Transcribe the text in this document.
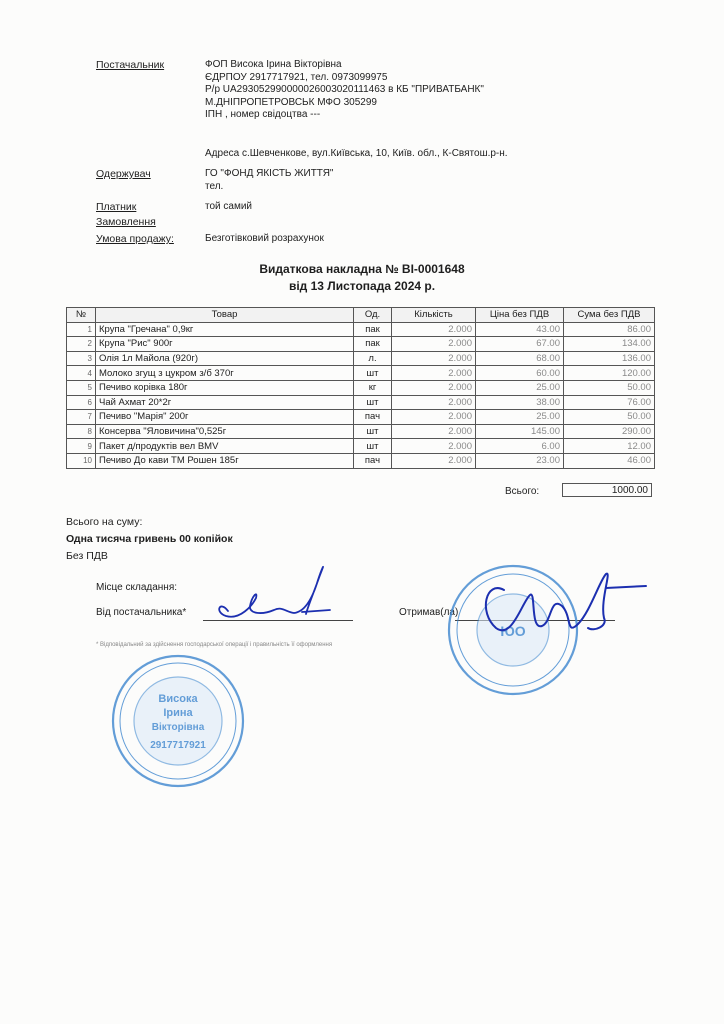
Постачальник	ФОП Висока Ірина Вікторівна
ЄДРПОУ 2917717921, тел. 0973099975
Р/р UA293052990000026003020111463 в КБ "ПРИВАТБАНК"
М.ДНІПРОПЕТРОВСЬК МФО 305299
ІПН , номер свідоцтва ---
Адреса с.Шевченкове, вул.Київська, 10, Київ. обл., К-Святош.р-н.
Одержувач	ГО "ФОНД ЯКІСТЬ ЖИТТЯ"
тел.
Платник
Замовлення
той самий
Умова продажу:	Безготівковий розрахунок
Видаткова накладна № ВІ-0001648
від 13 Листопада 2024 р.
№	Товар	Од.	Кількість	Ціна без ПДВ	Сума без ПДВ
1	Крупа "Гречана" 0,9кг	пак	2.000	43.00	86.00
2	Крупа "Рис" 900г	пак	2.000	67.00	134.00
3	Олія 1л Майола (920г)	л.	2.000	68.00	136.00
4	Молоко згущ з цукром з/б 370г	шт	2.000	60.00	120.00
5	Печиво корівка 180г	кг	2.000	25.00	50.00
6	Чай Ахмат 20*2г	шт	2.000	38.00	76.00
7	Печиво "Марія" 200г	пач	2.000	25.00	50.00
8	Консерва "Яловичина"0,525г	шт	2.000	145.00	290.00
9	Пакет д/продуктів вел BMV	шт	2.000	6.00	12.00
10	Печиво До кави ТМ Рошен 185г	пач	2.000	23.00	46.00
Всього:	1000.00
Всього на суму:
Одна тисяча гривень 00 копійок
Без ПДВ
Місце складання:
Від постачальника*	Отримав(ла)
* Відповідальний за здійснення господарської операції і правильність її оформлення
Висока
Ірина
Вікторівна
2917717921
ЮО
